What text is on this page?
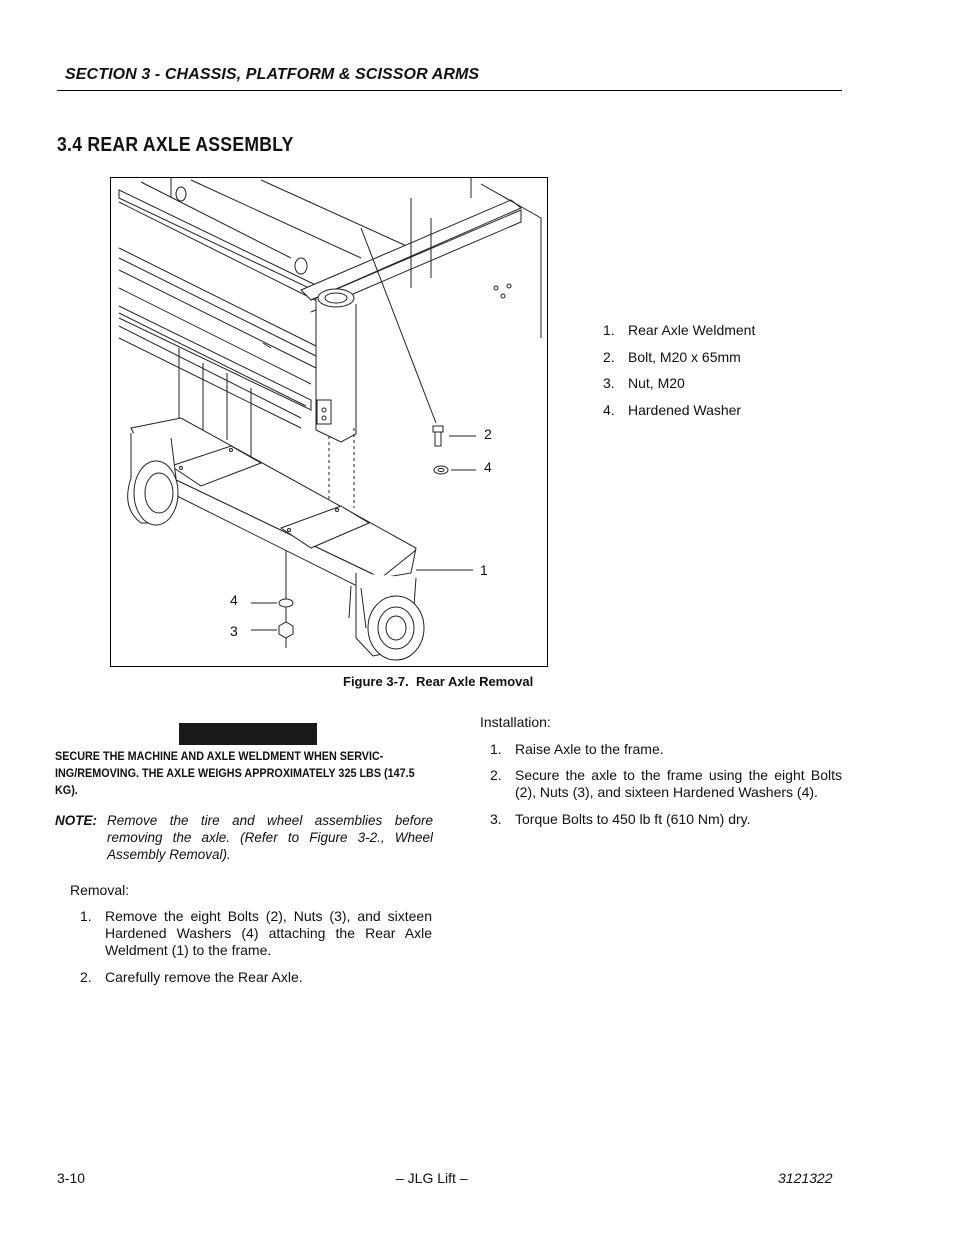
SECTION 3 - CHASSIS, PLATFORM & SCISSOR ARMS
3.4 REAR AXLE ASSEMBLY
2
4
1
4
3
1. Rear Axle Weldment
2. Bolt, M20 x 65mm
3. Nut, M20
4. Hardened Washer
Figure 3-7.  Rear Axle Removal
SECURE THE MACHINE AND AXLE WELDMENT WHEN SERVIC-ING/REMOVING. THE AXLE WEIGHS APPROXIMATELY 325 LBS (147.5 KG).
NOTE: Remove the tire and wheel assemblies before removing the axle. (Refer to Figure 3-2., Wheel Assembly Removal).
Removal:
1. Remove the eight Bolts (2), Nuts (3), and sixteen Hardened Washers (4) attaching the Rear Axle Weldment (1) to the frame.
2. Carefully remove the Rear Axle.
Installation:
1. Raise Axle to the frame.
2. Secure the axle to the frame using the eight Bolts (2), Nuts (3), and sixteen Hardened Washers (4).
3. Torque Bolts to 450 lb ft (610 Nm) dry.
3-10	– JLG Lift –	3121322
